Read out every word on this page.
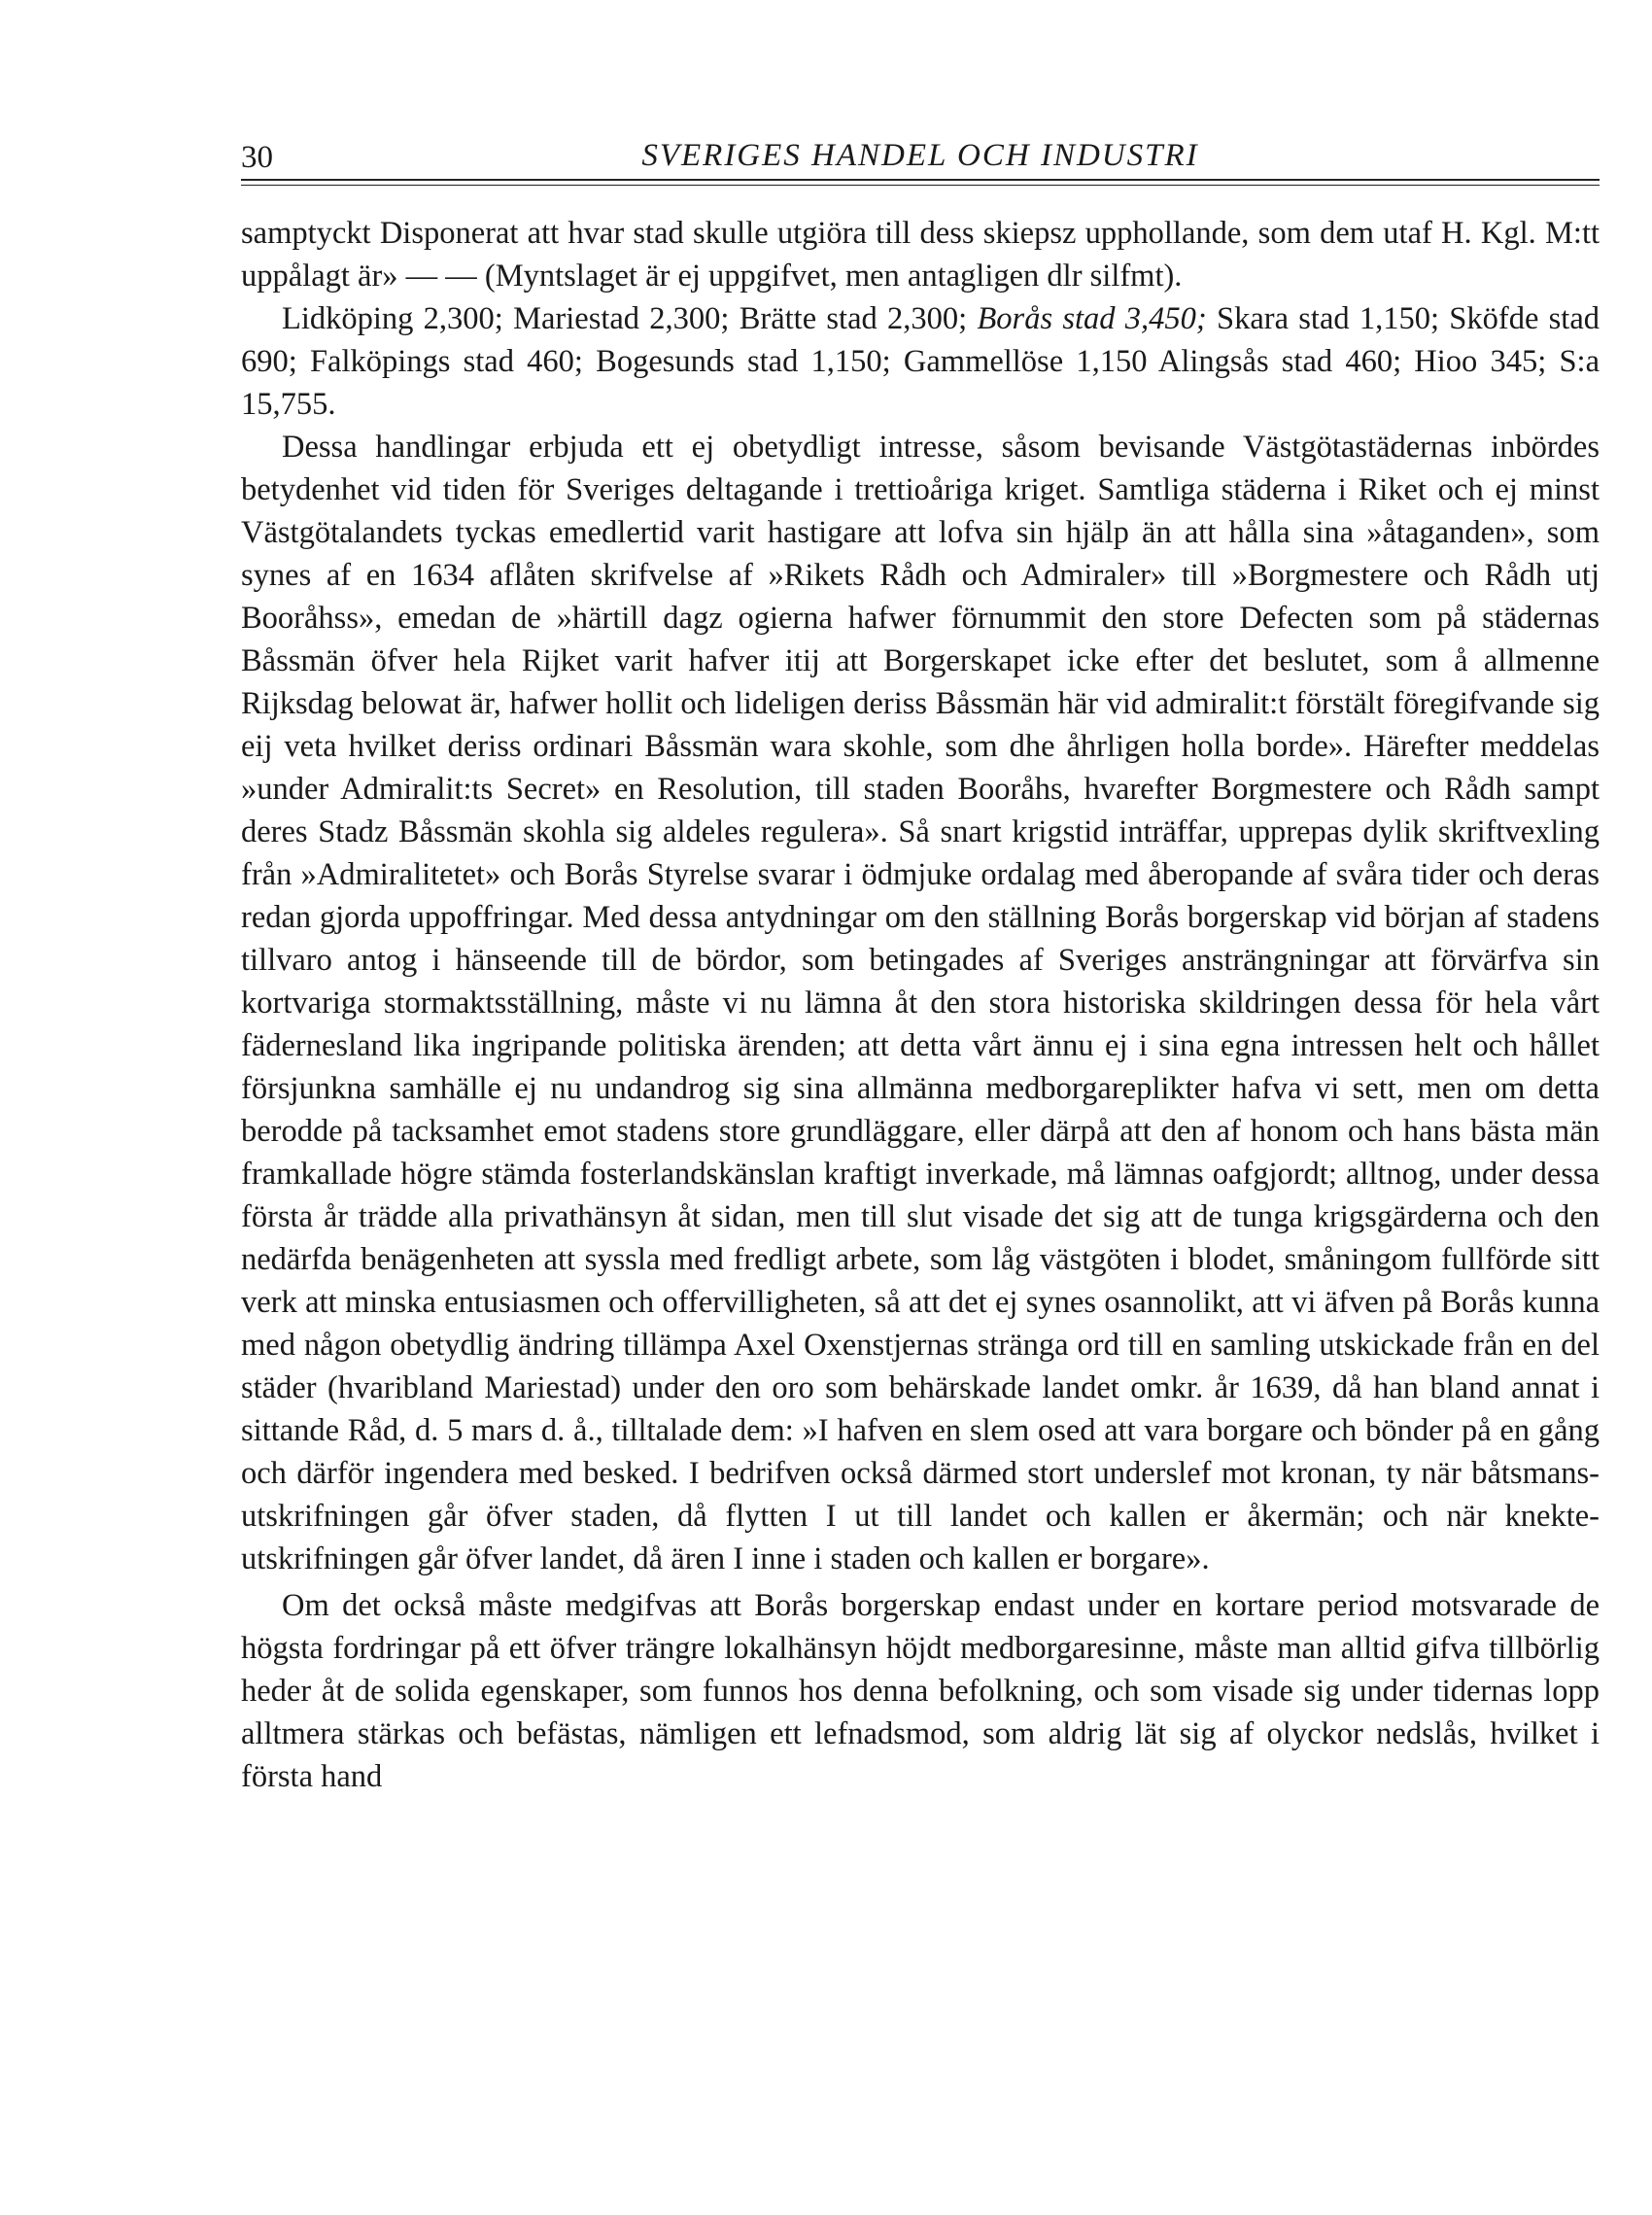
30	SVERIGES HANDEL OCH INDUSTRI

samptyckt Disponerat att hvar stad skulle utgiöra till dess skiepsz upphollande, som dem utaf H. Kgl. M:tt uppålagt är» — — (Myntslaget är ej uppgifvet, men antagligen dlr silfmt).

Lidköping 2,300; Mariestad 2,300; Brätte stad 2,300; Borås stad 3,450; Skara stad 1,150; Sköfde stad 690; Falköpings stad 460; Bogesunds stad 1,150; Gammellöse 1,150 Alingsås stad 460; Hioo 345; S:a 15,755.

Dessa handlingar erbjuda ett ej obetydligt intresse, såsom bevisande Västgötastädernas inbördes betydenhet vid tiden för Sveriges deltagande i trettioåriga kriget. Samtliga städerna i Riket och ej minst Västgötalandets tyckas emedlertid varit hastigare att lofva sin hjälp än att hålla sina »åtaganden», som synes af en 1634 aflåten skrifvelse af »Rikets Rådh och Admiraler» till »Borgmestere och Rådh utj Booråhss», emedan de »härtill dagz ogierna hafwer förnummit den store Defecten som på städernas Båssmän öfver hela Rijket varit hafver itij att Borgerskapet icke efter det beslutet, som å allmenne Rijksdag belowat är, hafwer hollit och lideligen deriss Båssmän här vid admiralit:t förstält föregifvande sig eij veta hvilket deriss ordinari Båssmän wara skohle, som dhe åhrligen holla borde». Härefter meddelas »under Admiralit:ts Secret» en Resolution, till staden Booråhs, hvarefter Borgmestere och Rådh sampt deres Stadz Båssmän skohla sig aldeles regulera». Så snart krigstid inträffar, upprepas dylik skriftvexling från »Admiralitetet» och Borås Styrelse svarar i ödmjuke ordalag med åberopande af svåra tider och deras redan gjorda uppoffringar. Med dessa antydningar om den ställning Borås borgerskap vid början af stadens tillvaro antog i hänseende till de bördor, som betingades af Sveriges ansträngningar att förvärfva sin kortvariga stormaktsställning, måste vi nu lämna åt den stora historiska skildringen dessa för hela vårt fädernesland lika ingripande politiska ärenden; att detta vårt ännu ej i sina egna intressen helt och hållet försjunkna samhälle ej nu undandrog sig sina allmänna medborgareplikter hafva vi sett, men om detta berodde på tacksamhet emot stadens store grundläggare, eller därpå att den af honom och hans bästa män framkallade högre stämda fosterlandskänslan kraftigt inverkade, må lämnas oafgjordt; alltnog, under dessa första år trädde alla privathänsyn åt sidan, men till slut visade det sig att de tunga krigsgärderna och den nedärfda benägenheten att syssla med fredligt arbete, som låg västgöten i blodet, småningom fullförde sitt verk att minska entusiasmen och offervilligheten, så att det ej synes osannolikt, att vi äfven på Borås kunna med någon obetydlig ändring tillämpa Axel Oxenstjernas stränga ord till en samling utskickade från en del städer (hvaribland Mariestad) under den oro som behärskade landet omkr. år 1639, då han bland annat i sittande Råd, d. 5 mars d. å., tilltalade dem: »I hafven en slem osed att vara borgare och bönder på en gång och därför ingendera med besked. I bedrifven också därmed stort underslef mot kronan, ty när båtsmans-utskrifningen går öfver staden, då flytten I ut till landet och kallen er åkermän; och när knekte-utskrifningen går öfver landet, då ären I inne i staden och kallen er borgare».

Om det också måste medgifvas att Borås borgerskap endast under en kortare period motsvarade de högsta fordringar på ett öfver trängre lokalhänsyn höjdt medborgaresinne, måste man alltid gifva tillbörlig heder åt de solida egenskaper, som funnos hos denna befolkning, och som visade sig under tidernas lopp alltmera stärkas och befästas, nämligen ett lefnadsmod, som aldrig lät sig af olyckor nedslås, hvilket i första hand
